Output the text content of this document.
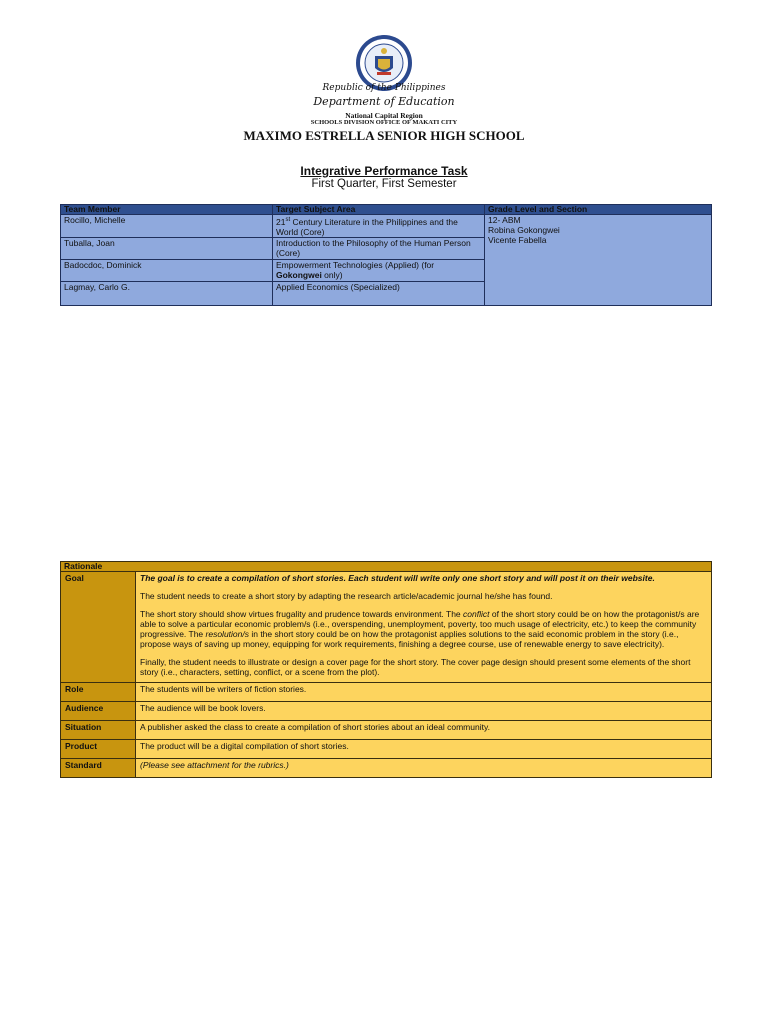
Republic of the Philippines
Department of Education
National Capital Region
SCHOOLS DIVISION OFFICE OF MAKATI CITY
MAXIMO ESTRELLA SENIOR HIGH SCHOOL
Integrative Performance Task
First Quarter, First Semester
Team Member	Target Subject Area	Grade Level and Section
Rocillo, Michelle	21st Century Literature in the Philippines and the World (Core)	12- ABM
Robina Gokongwei
Vicente Fabella

Tuballa, Joan	Introduction to the Philosophy of the Human Person (Core)	
Badocdoc, Dominick	Empowerment Technologies (Applied) (for Gokongwei only)	
Lagmay, Carlo G.	Applied Economics (Specialized)	
Rationale	
Goal	The goal is to create a compilation of short stories. Each student will write only one short story and will post it on their website.

The student needs to create a short story by adapting the research article/academic journal he/she has found.

The short story should show virtues frugality and prudence towards environment. The conflict of the short story could be on how the protagonist/s are able to solve a particular economic problem/s (i.e., overspending, unemployment, poverty, too much usage of electricity, etc.) to keep the community progressive. The resolution/s in the short story could be on how the protagonist applies solutions to the said economic problem in the story (i.e., propose ways of saving up money, equipping for work requirements, finishing a degree course, use of renewable energy to save electricity).

Finally, the student needs to illustrate or design a cover page for the short story. The cover page design should present some elements of the short story (i.e., characters, setting, conflict, or a scene from the plot).

Role	The students will be writers of fiction stories.
Audience	The audience will be book lovers.
Situation	A publisher asked the class to create a compilation of short stories about an ideal community.
Product	The product will be a digital compilation of short stories.
Standard	(Please see attachment for the rubrics.)
